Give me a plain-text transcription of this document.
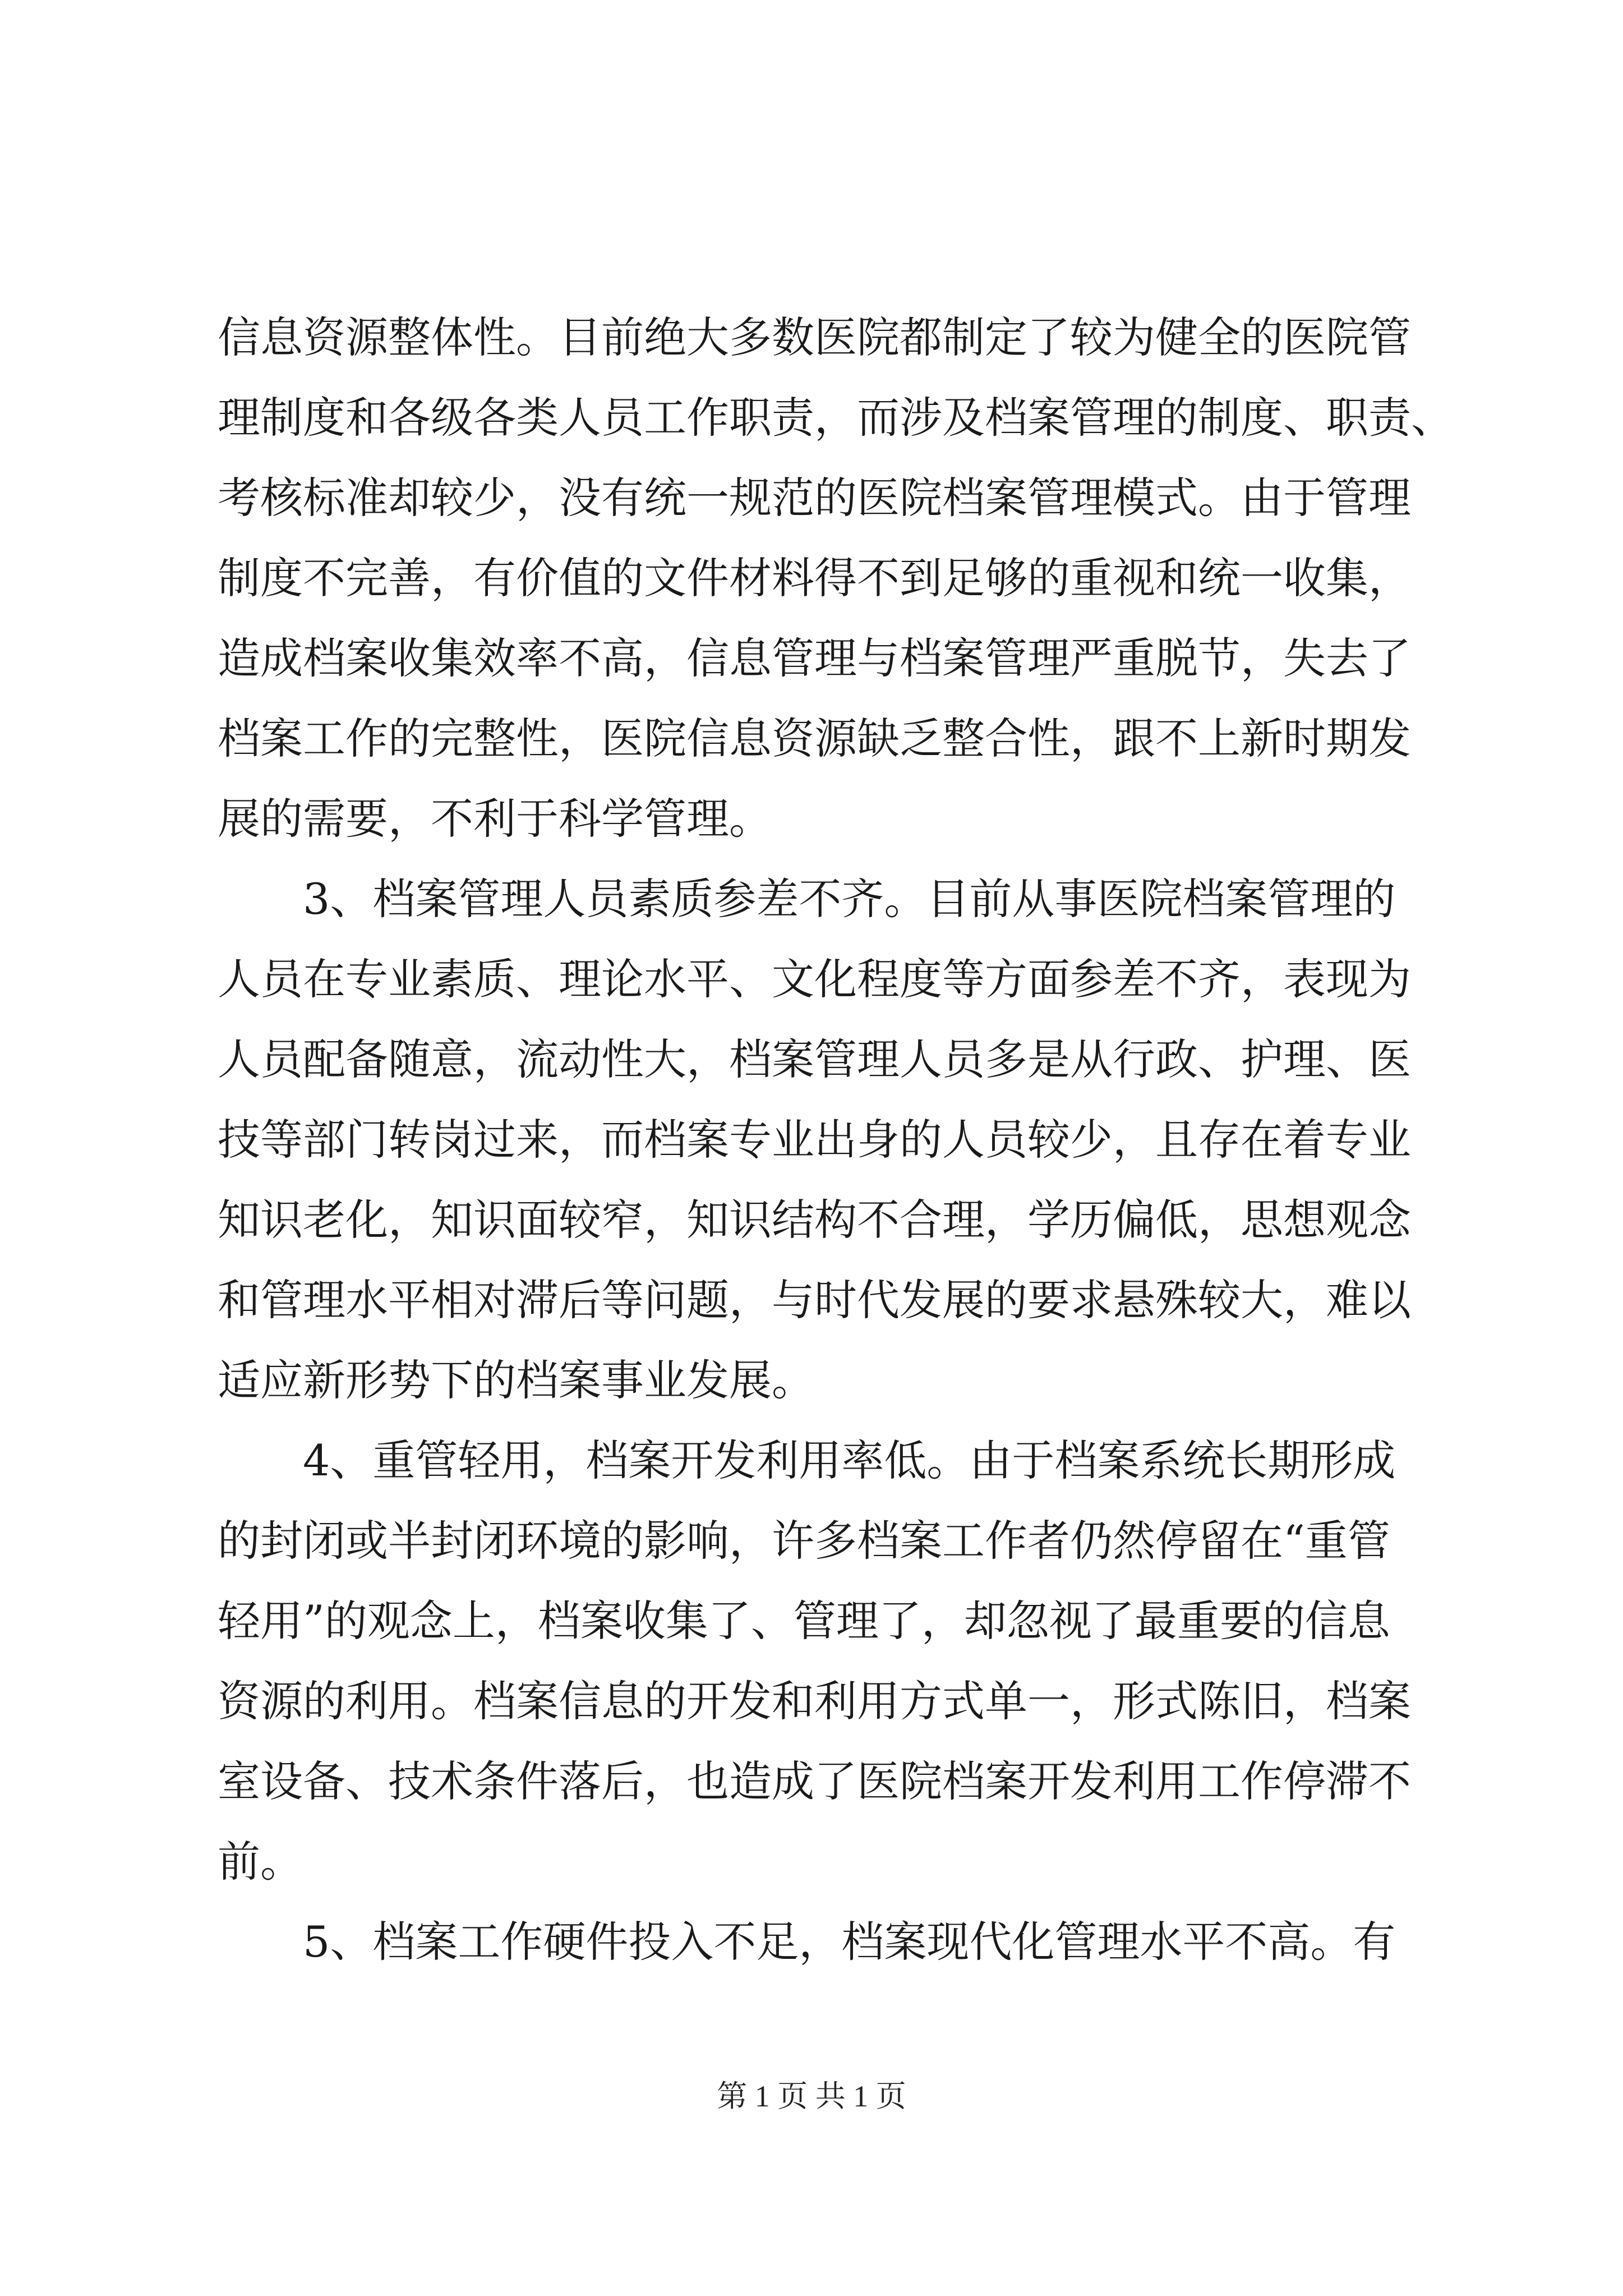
信息资源整体性。目前绝大多数医院都制定了较为健全的医院管
理制度和各级各类人员工作职责，而涉及档案管理的制度、职责、
考核标准却较少，没有统一规范的医院档案管理模式。由于管理
制度不完善，有价值的文件材料得不到足够的重视和统一收集，
造成档案收集效率不高，信息管理与档案管理严重脱节，失去了
档案工作的完整性，医院信息资源缺乏整合性，跟不上新时期发
展的需要，不利于科学管理。
　　3、档案管理人员素质参差不齐。目前从事医院档案管理的
人员在专业素质、理论水平、文化程度等方面参差不齐，表现为
人员配备随意，流动性大，档案管理人员多是从行政、护理、医
技等部门转岗过来，而档案专业出身的人员较少，且存在着专业
知识老化，知识面较窄，知识结构不合理，学历偏低，思想观念
和管理水平相对滞后等问题，与时代发展的要求悬殊较大，难以
适应新形势下的档案事业发展。
　　4、重管轻用，档案开发利用率低。由于档案系统长期形成
的封闭或半封闭环境的影响，许多档案工作者仍然停留在“重管
轻用”的观念上，档案收集了、管理了，却忽视了最重要的信息
资源的利用。档案信息的开发和利用方式单一，形式陈旧，档案
室设备、技术条件落后，也造成了医院档案开发利用工作停滞不
前。
　　5、档案工作硬件投入不足，档案现代化管理水平不高。有
第 1 页 共 1 页
